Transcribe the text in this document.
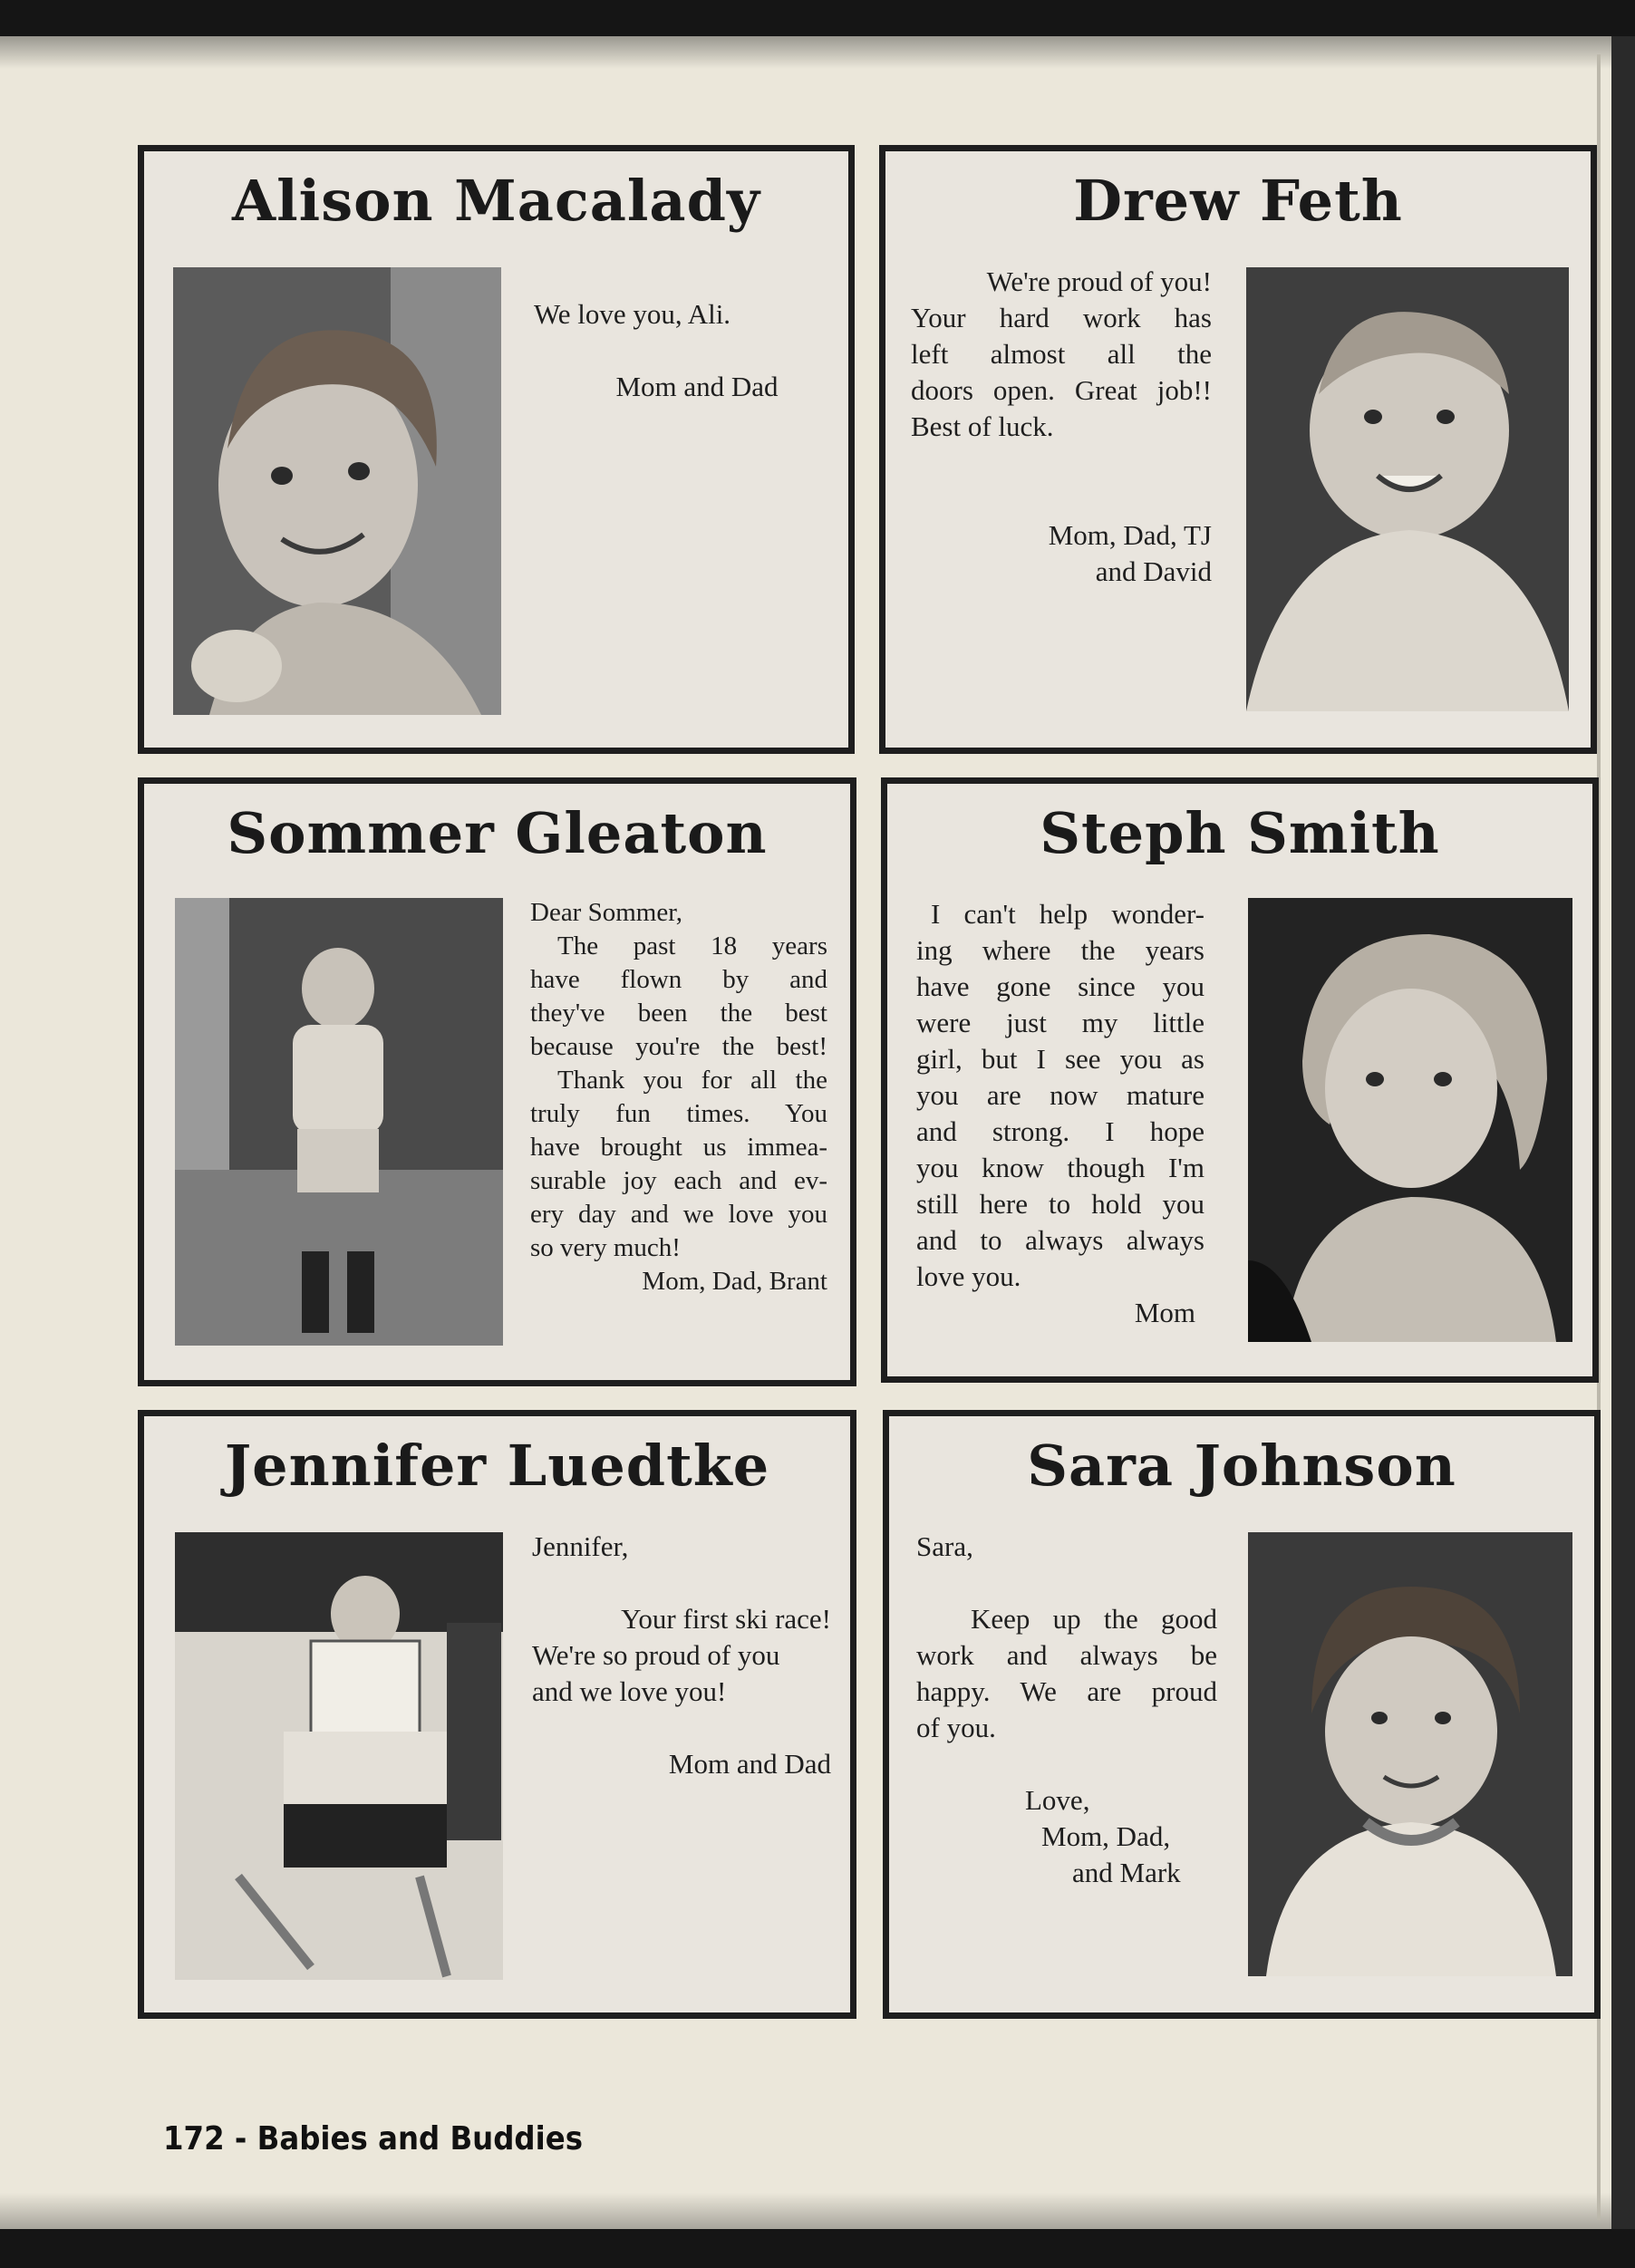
Alison Macalady
We love you, Ali.
Mom and Dad
Drew Feth
We're proud of you!
Your hard work has
left almost all the
doors open. Great job!!
Best of luck.
Mom, Dad, TJ
and David
Sommer Gleaton
Dear Sommer,
The past 18 years
have flown by and
they've been the best
because you're the best!
Thank you for all the
truly fun times. You
have brought us immea-
surable joy each and ev-
ery day and we love you
so very much!
Mom, Dad, Brant
Steph Smith
I can't help wonder-
ing where the years
have gone since you
were just my little
girl, but I see you as
you are now mature
and strong. I hope
you know though I'm
still here to hold you
and to always always
love you.
Mom
Jennifer Luedtke
Jennifer,
Your first ski race!
We're so proud of you
and we love you!
Mom and Dad
Sara Johnson
Sara,
Keep up the good
work and always be
happy. We are proud
of you.
Love,
Mom, Dad,
and Mark
172 - Babies and Buddies
